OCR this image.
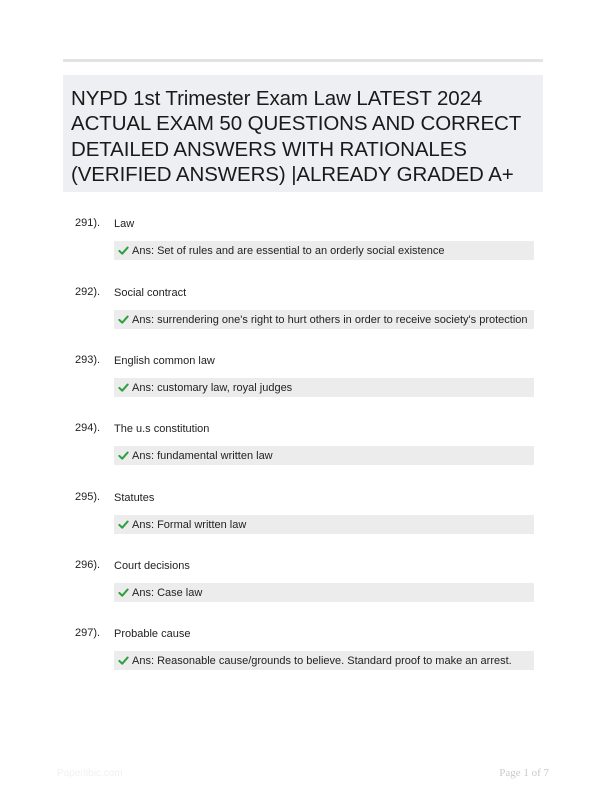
NYPD 1st Trimester Exam Law LATEST 2024
ACTUAL EXAM 50 QUESTIONS AND CORRECT
DETAILED ANSWERS WITH RATIONALES
(VERIFIED ANSWERS) |ALREADY GRADED A+
291). Law
Ans: Set of rules and are essential to an orderly social existence
292). Social contract
Ans: surrendering one's right to hurt others in order to receive society's protection
293). English common law
Ans: customary law, royal judges
294). The u.s constitution
Ans: fundamental written law
295). Statutes
Ans: Formal written law
296). Court decisions
Ans: Case law
297). Probable cause
Ans: Reasonable cause/grounds to believe. Standard proof to make an arrest.
Paperlibic.com	Page 1 of 7
